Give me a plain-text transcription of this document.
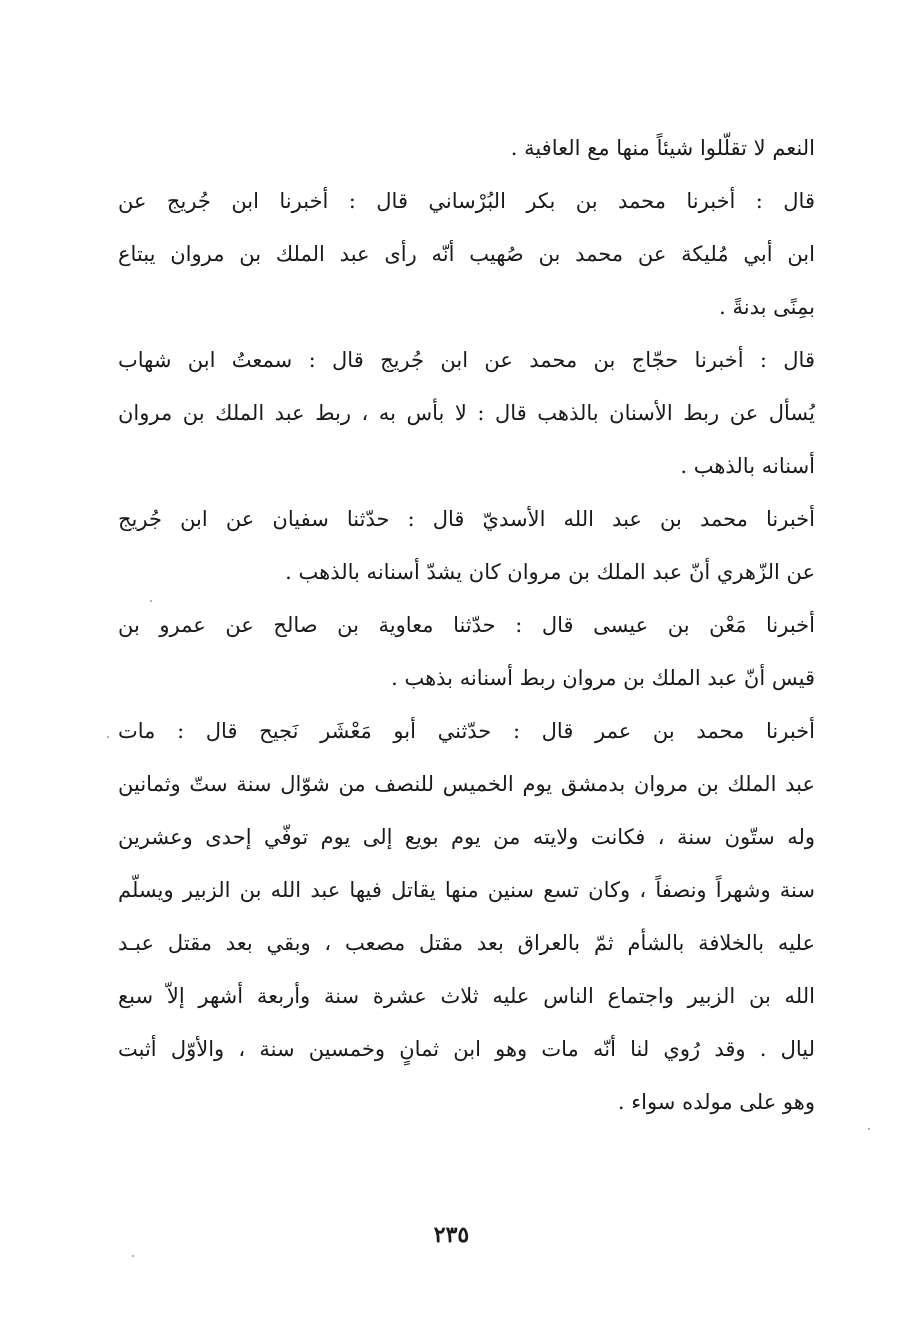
النعم لا تقلّلوا شيئاً منها مع العافية .
قال : أخبرنا محمد بن بكر البُرْساني قال : أخبرنا ابن جُريج عن
ابن أبي مُليكة عن محمد بن صُهيب أنّه رأى عبد الملك بن مروان يبتاع
بمِنًى بدنةً .
قال : أخبرنا حجّاج بن محمد عن ابن جُريج قال : سمعتُ ابن شهاب
يُسأل عن ربط الأسنان بالذهب قال : لا بأس به ، ربط عبد الملك بن مروان
أسنانه بالذهب .
أخبرنا محمد بن عبد الله الأسديّ قال : حدّثنا سفيان عن ابن جُريج
عن الزّهري أنّ عبد الملك بن مروان كان يشدّ أسنانه بالذهب .
أخبرنا مَعْن بن عيسى قال : حدّثنا معاوية بن صالح عن عمرو بن
قيس أنّ عبد الملك بن مروان ربط أسنانه بذهب .
أخبرنا محمد بن عمر قال : حدّثني أبو مَعْشَر نَجيح قال : مات
عبد الملك بن مروان بدمشق يوم الخميس للنصف من شوّال سنة ستّ وثمانين
وله ستّون سنة ، فكانت ولايته من يوم بويع إلى يوم توفّي إحدى وعشرين
سنة وشهراً ونصفاً ، وكان تسع سنين منها يقاتل فيها عبد الله بن الزبير ويسلّم
عليه بالخلافة بالشأم ثمّ بالعراق بعد مقتل مصعب ، وبقي بعد مقتل عبـد
الله بن الزبير واجتماع الناس عليه ثلاث عشرة سنة وأربعة أشهر إلاّ سبع
ليال . وقد رُوي لنا أنّه مات وهو ابن ثمانٍ وخمسين سنة ، والأوّل أثبت
وهو على مولده سواء .
٢٣٥
